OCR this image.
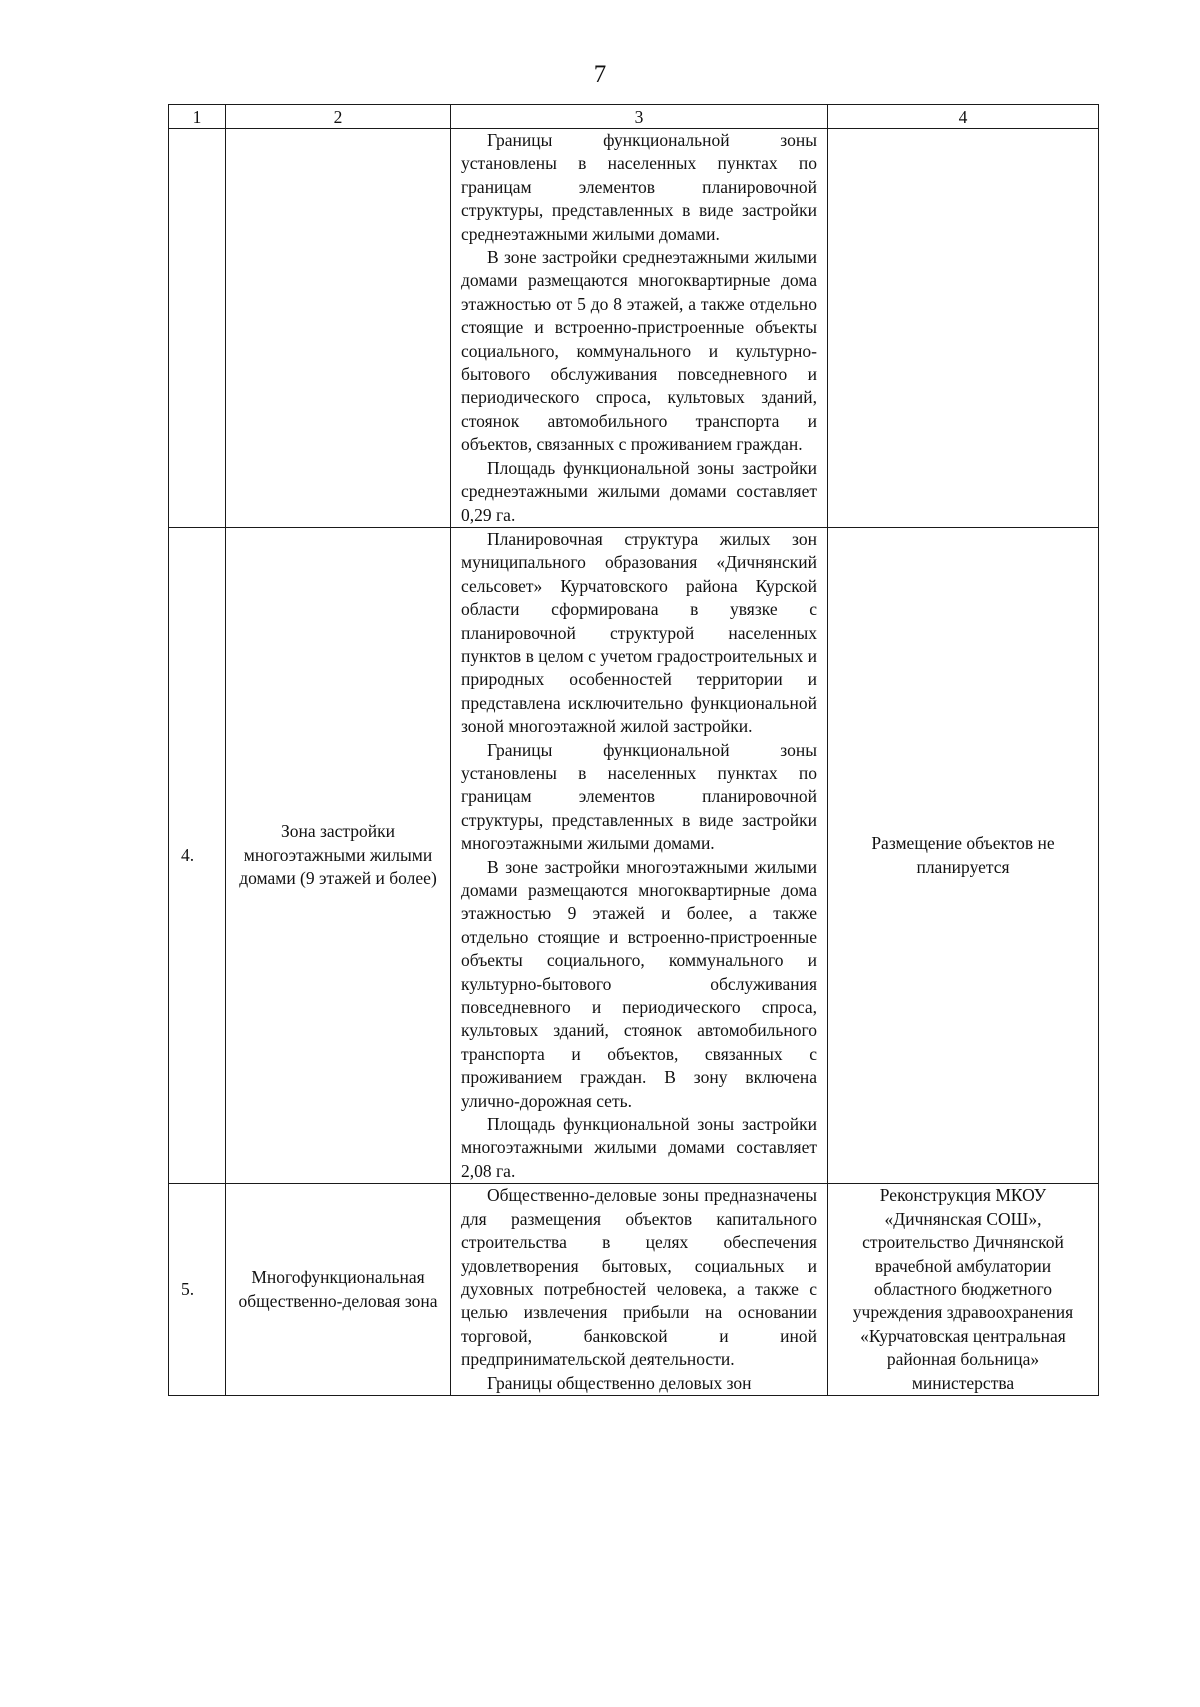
7
1	2	3	4

		Границы функциональной зоны установлены в населенных пунктах по границам элементов планировочной структуры, представленных в виде застройки среднеэтажными жилыми домами.
В зоне застройки среднеэтажными жилыми домами размещаются многоквартирные дома этажностью от 5 до 8 этажей, а также отдельно стоящие и встроенно-пристроенные объекты социального, коммунального и культурно-бытового обслуживания повседневного и периодического спроса, культовых зданий, стоянок автомобильного транспорта и объектов, связанных с проживанием граждан.
Площадь функциональной зоны застройки среднеэтажными жилыми домами составляет 0,29 га.	

4.	Зона застройки многоэтажными жилыми домами (9 этажей и более)	Планировочная структура жилых зон муниципального образования «Дичнянский сельсовет» Курчатовского района Курской области сформирована в увязке с планировочной структурой населенных пунктов в целом с учетом градостроительных и природных особенностей территории и представлена исключительно функциональной зоной многоэтажной жилой застройки.
Границы функциональной зоны установлены в населенных пунктах по границам элементов планировочной структуры, представленных в виде застройки многоэтажными жилыми домами.
В зоне застройки многоэтажными жилыми домами размещаются многоквартирные дома этажностью 9 этажей и более, а также отдельно стоящие и встроенно-пристроенные объекты социального, коммунального и культурно-бытового обслуживания повседневного и периодического спроса, культовых зданий, стоянок автомобильного транспорта и объектов, связанных с проживанием граждан. В зону включена улично-дорожная сеть.
Площадь функциональной зоны застройки многоэтажными жилыми домами составляет 2,08 га.	Размещение объектов не планируется
5.	Многофункциональная общественно-деловая зона	Общественно-деловые зоны предназначены для размещения объектов капитального строительства в целях обеспечения удовлетворения бытовых, социальных и духовных потребностей человека, а также с целью извлечения прибыли на основании торговой, банковской и иной предпринимательской деятельности.
Границы общественно деловых зон	Реконструкция МКОУ «Дичнянская СОШ», строительство Дичнянской врачебной амбулатории областного бюджетного учреждения здравоохранения «Курчатовская центральная районная больница» министерства
